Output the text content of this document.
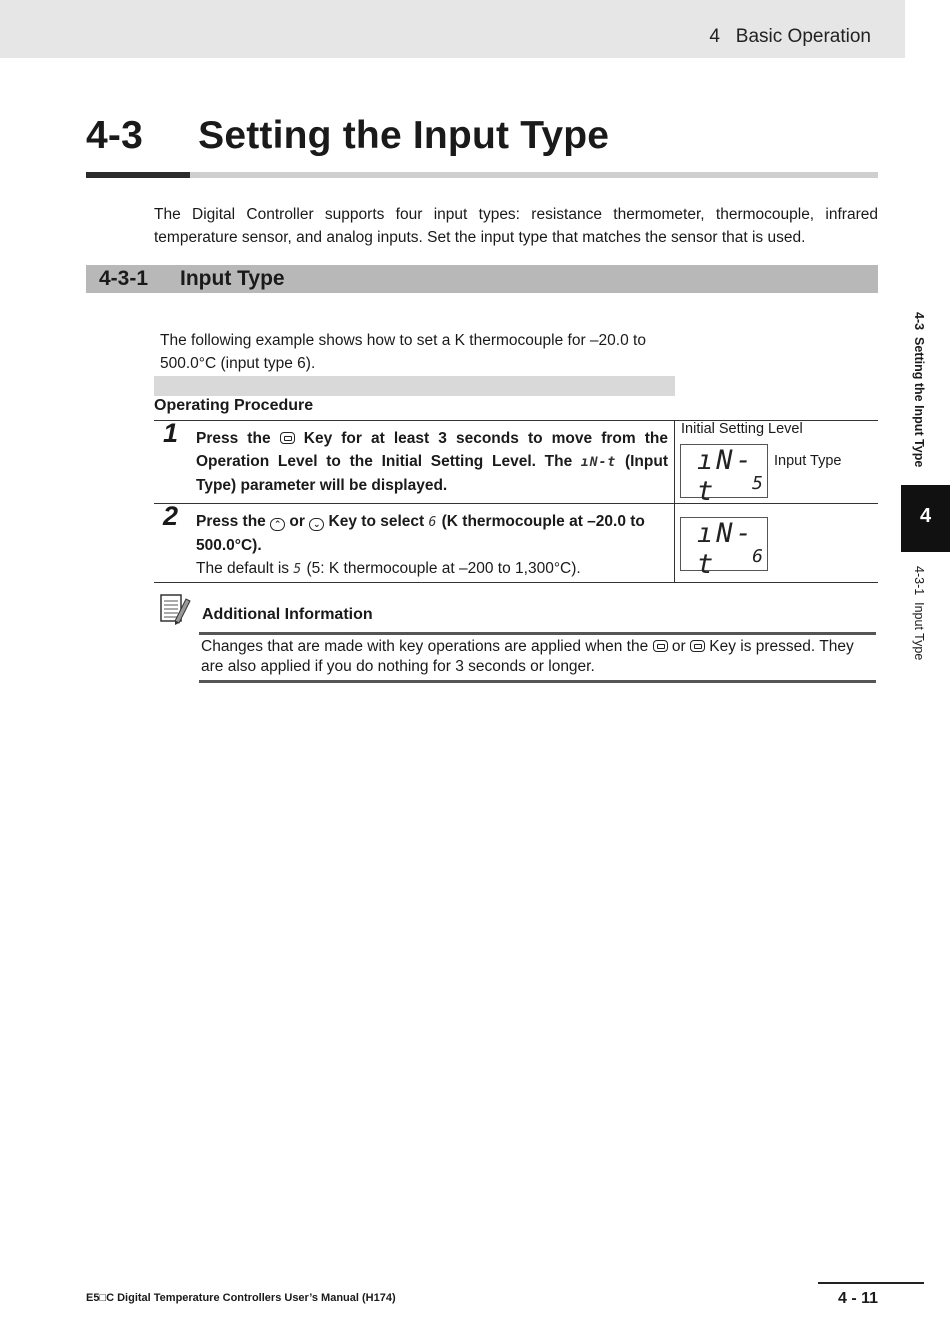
4   Basic Operation
4-3     Setting the Input Type
The Digital Controller supports four input types: resistance thermometer, thermocouple, infrared temperature sensor, and analog inputs. Set the input type that matches the sensor that is used.
4-3-1 Input Type
The following example shows how to set a K thermocouple for –20.0 to 500.0°C (input type 6).
Operating Procedure
1 Press the Key for at least 3 seconds to move from the Operation Level to the Initial Setting Level. The ıN-t (Input Type) parameter will be displayed.
2 Press the ⌃ or ⌄ Key to select 6 (K thermocouple at –20.0 to 500.0°C).
The default is 5 (5: K thermocouple at –200 to 1,300°C).
Initial Setting Level
ıN-t	5
Input Type
ıN-t	6
Additional Information
Changes that are made with key operations are applied when the or Key is pressed. They are also applied if you do nothing for 3 seconds or longer.
4-3  Setting the Input Type
4
4-3-1  Input Type
E5□C Digital Temperature Controllers User’s Manual (H174)	4 - 11
